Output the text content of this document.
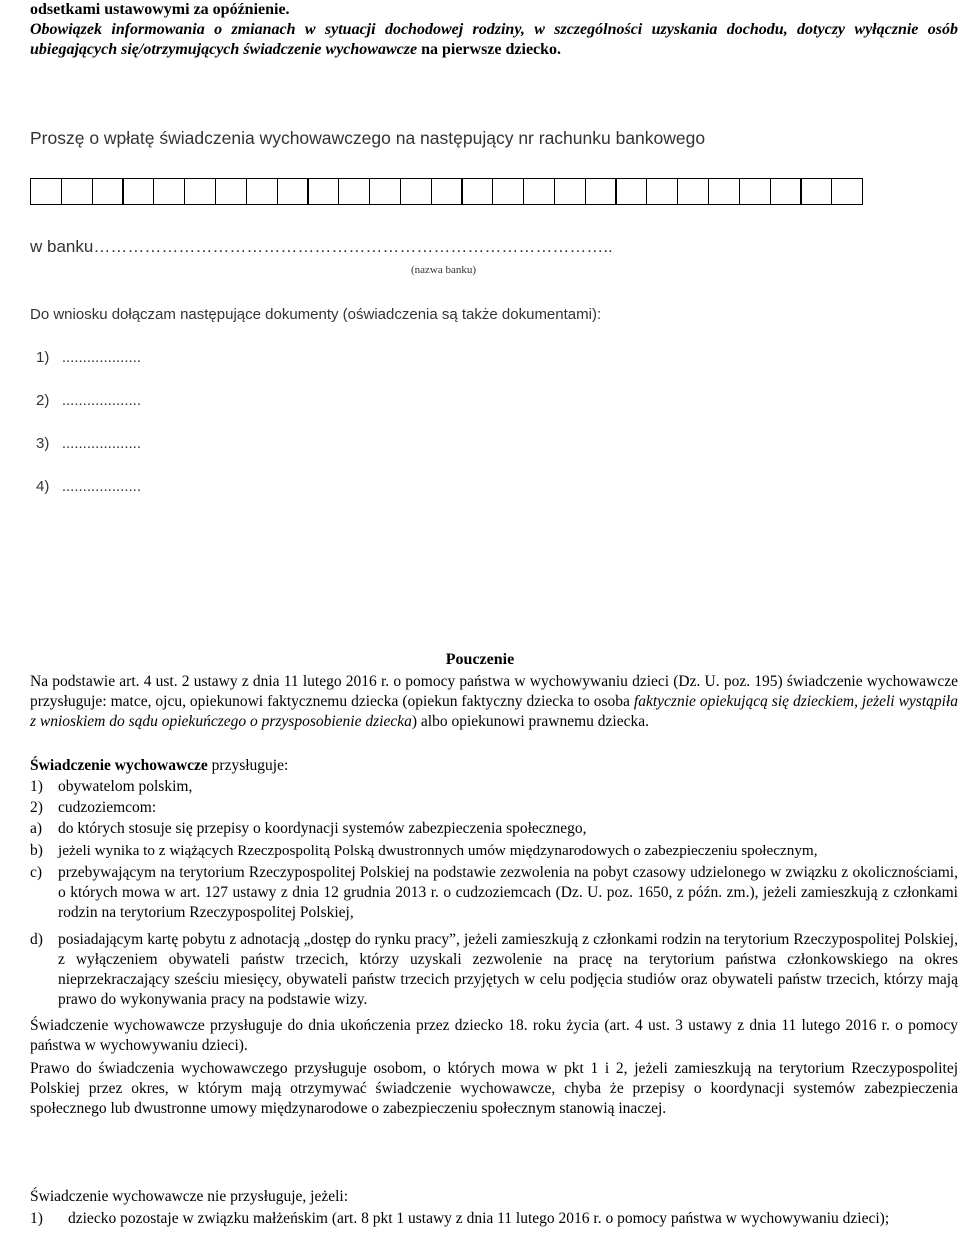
odsetkami ustawowymi za opóźnienie.
Obowiązek informowania o zmianach w sytuacji dochodowej rodziny, w szczególności uzyskania dochodu, dotyczy wyłącznie osób ubiegających się/otrzymujących świadczenie wychowawcze na pierwsze dziecko.
Proszę o wpłatę świadczenia wychowawczego na następujący nr rachunku bankowego
w banku………………………………………………………………………………..
(nazwa banku)
Do wniosku dołączam następujące dokumenty (oświadczenia są także dokumentami):
1)   ...................
2)   ...................
3)   ...................
4)   ...................
Pouczenie
Na podstawie art. 4 ust. 2 ustawy z dnia 11 lutego 2016 r. o pomocy państwa w wychowywaniu dzieci (Dz. U. poz. 195) świadczenie wychowawcze przysługuje: matce, ojcu, opiekunowi faktycznemu dziecka (opiekun faktyczny dziecka to osoba faktycznie opiekującą się dzieckiem, jeżeli wystąpiła z wnioskiem do sądu opiekuńczego o przysposobienie dziecka) albo opiekunowi prawnemu dziecka.
Świadczenie wychowawcze przysługuje:
1) obywatelom polskim,
2) cudzoziemcom:
a) do których stosuje się przepisy o koordynacji systemów zabezpieczenia społecznego,
b) jeżeli wynika to z wiążących Rzeczpospolitą Polską dwustronnych umów międzynarodowych o zabezpieczeniu społecznym,
c) przebywającym na terytorium Rzeczypospolitej Polskiej na podstawie zezwolenia na pobyt czasowy udzielonego w związku z okolicznościami, o których mowa w art. 127 ustawy z dnia 12 grudnia 2013 r. o cudzoziemcach (Dz. U. poz. 1650, z późn. zm.), jeżeli zamieszkują z członkami rodzin na terytorium Rzeczypospolitej Polskiej,
d) posiadającym kartę pobytu z adnotacją „dostęp do rynku pracy”, jeżeli zamieszkują z członkami rodzin na terytorium Rzeczypospolitej Polskiej, z wyłączeniem obywateli państw trzecich, którzy uzyskali zezwolenie na pracę na terytorium państwa członkowskiego na okres nieprzekraczający sześciu miesięcy, obywateli państw trzecich przyjętych w celu podjęcia studiów oraz obywateli państw trzecich, którzy mają prawo do wykonywania pracy na podstawie wizy.
Świadczenie wychowawcze przysługuje do dnia ukończenia przez dziecko 18. roku życia (art. 4 ust. 3 ustawy z dnia 11 lutego 2016 r. o pomocy państwa w wychowywaniu dzieci).
Prawo do świadczenia wychowawczego przysługuje osobom, o których mowa w pkt 1 i 2, jeżeli zamieszkują na terytorium Rzeczypospolitej Polskiej przez okres, w którym mają otrzymywać świadczenie wychowawcze, chyba że przepisy o koordynacji systemów zabezpieczenia społecznego lub dwustronne umowy międzynarodowe o zabezpieczeniu społecznym stanowią inaczej.
Świadczenie wychowawcze nie przysługuje, jeżeli:
1) dziecko pozostaje w związku małżeńskim (art. 8 pkt 1 ustawy z dnia 11 lutego 2016 r. o pomocy państwa w wychowywaniu dzieci);
